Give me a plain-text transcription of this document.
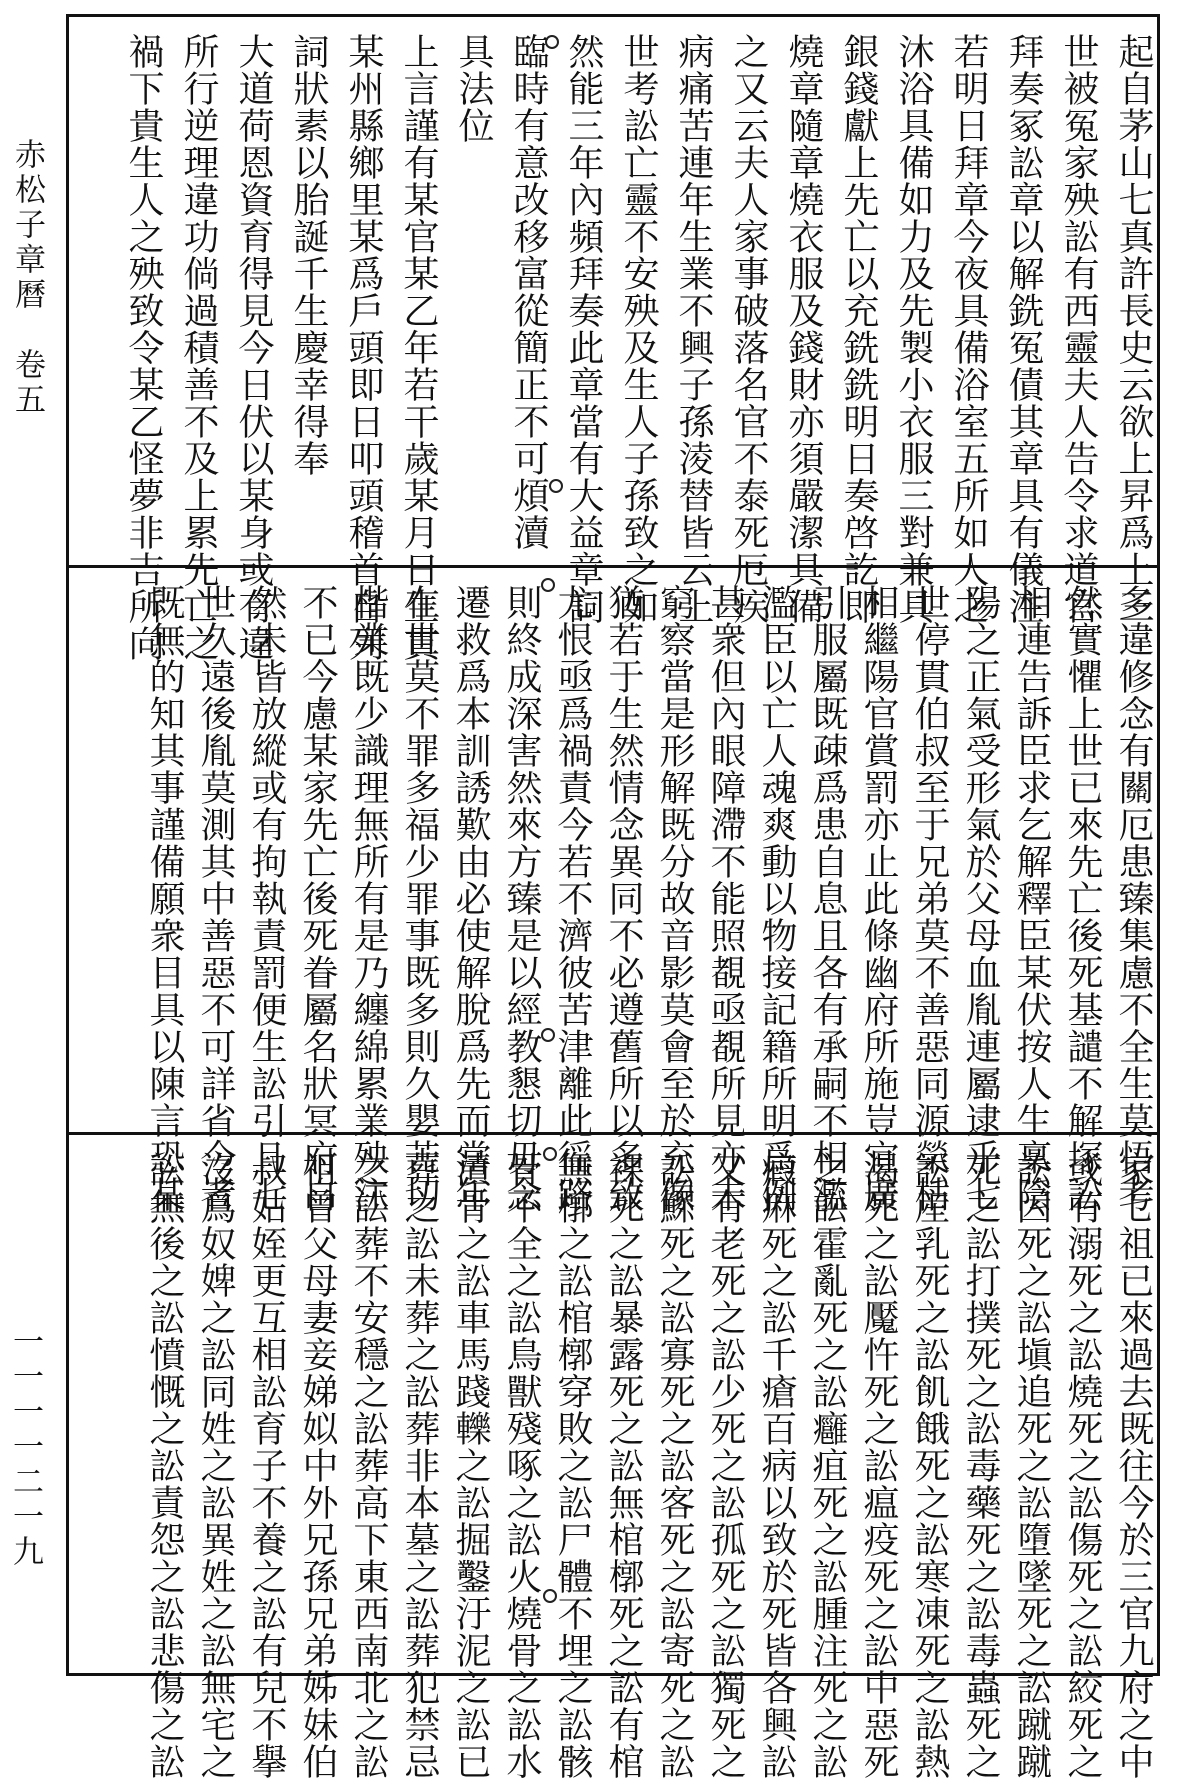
赤松子章曆　卷五
一一一一二一九
起自茅山七真許長史云欲上昇爲上三
世被冤家殃訟有西靈夫人告令求道官
拜奏冢訟章以解銑冤債其章具有儀注
若明日拜章今夜具備浴室五所如人之
沐浴具備如力及先製小衣服三對兼具
銀錢獻上先亡以充銑銑明日奏啓訖即
燒章隨章燒衣服及錢財亦須嚴潔具備
之又云夫人家事破落名官不泰死厄疾
病痛苦連年生業不興子孫淩替皆云上
世考訟亡靈不安殃及生人子孫致之如
然能三年內頻拜奏此章當有大益章詞
臨時有意改移富從簡正不可煩瀆
具法位
上言謹有某官某乙年若干歲某月日生貫
某州縣鄉里某爲戶頭即日叩頭稽首自列
詞狀素以胎誕千生慶幸得奉
大道荷恩資育得見今日伏以某身或有違
所行逆理違功倘過積善不及上累先亡之
禍下貴生人之殃致令某乙怪夢非吉所向
多違修念有關厄患臻集慮不全生莫悟考
然實懼上世已來先亡後死基譴不解塚訟
相連告訴臣求乞解釋臣某伏按人生稟陰
陽之正氣受形氣於父母血胤連屬逮乎七
世停貫伯叔至于兄弟莫不善惡同源榮枯
相繼陽官賞罰亦止此條幽府所施豈宜廣
引服屬既疎爲患自息且各有承嗣不相濫
濫臣以亡人魂爽動以物接記籍所明爲例
甚衆但內眼障滯不能照覩亟覩所見亦未
窮察當是形解既分故音影莫會至於充像
猶若于生然情念異同不必遵舊所以多致
尤恨亟爲禍責今若不濟彼苦津離此徭路
則終成深害然來方臻是以經教懇切毋念
遷救爲本訓誘歎由必使解脫爲先而當年
在世莫不罪多福少罪事既多則久嬰苦切
楷業既少識理無所有是乃纏綿累業殃注
不已今慮某家先亡後死眷屬名狀冥府自
然未皆放縱或有拘執責罰便生訟引且七
世久遠後胤莫測其中善惡不可詳省今者
既無的知其事謹備願衆目具以陳言恐某
家七祖已來過去既往今於三官九府之中
或有溺死之訟燒死之訟傷死之訟絞死之
訟囚死之訟塡追死之訟墮墜死之訟蹴蹴
死之訟打撲死之訟毒藥死之訟毒蟲死之
訟産乳死之訟飢餓死之訟寒凍死之訟熱
渴死之訟魘忤死之訟瘟疫死之訟中惡死
之訟霍亂死之訟癰疽死之訟腫注死之訟
瘕痳死之訟千瘡百病以致於死皆各興訟
又有老死之訟少死之訟孤死之訟獨死之
訟鰥死之訟寡死之訟客死之訟寄死之訟
裸死之訟暴露死之訟無棺槨死之訟有棺
無槨之訟棺槨穿敗之訟尸體不埋之訟骸
骨不全之訟鳥獸殘啄之訟火燒骨之訟水
漬骨之訟車馬踐轢之訟掘鑿汙泥之訟已
葬之訟未葬之訟葬非本墓之訟葬犯禁忌
之訟葬不安穩之訟葬高下東西南北之訟
祖曾父母妻妾娣姒中外兄孫兄弟姊妹伯
叔姑姪更互相訟育子不養之訟有兒不擧
沒爲奴婢之訟同姓之訟異姓之訟無宅之
訟無後之訟憤慨之訟責怨之訟悲傷之訟
